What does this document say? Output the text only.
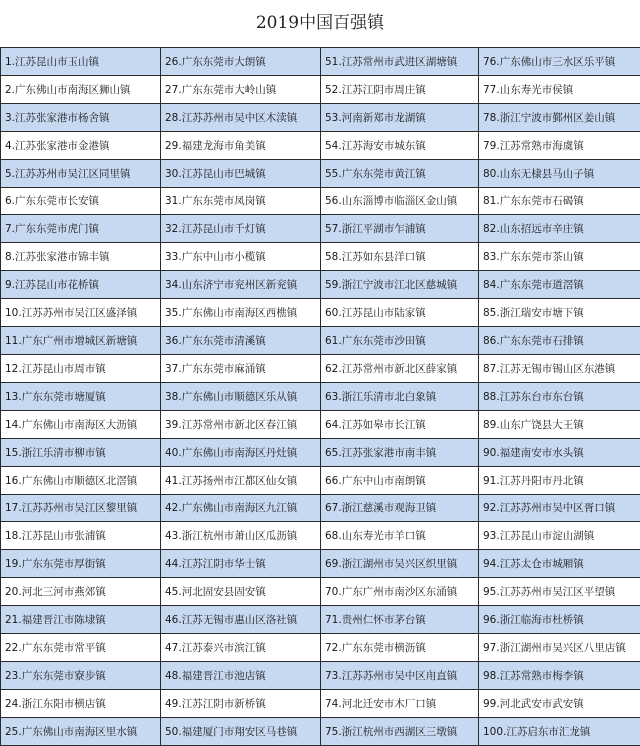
2019中国百强镇
1.江苏昆山市玉山镇	26.广东东莞市大朗镇	51.江苏常州市武进区湖塘镇	76.广东佛山市三水区乐平镇
2.广东佛山市南海区狮山镇	27.广东东莞市大岭山镇	52.江苏江阴市周庄镇	77.山东寿光市侯镇
3.江苏张家港市杨舍镇	28.江苏苏州市吴中区木渎镇	53.河南新郑市龙湖镇	78.浙江宁波市鄞州区姜山镇
4.江苏张家港市金港镇	29.福建龙海市角美镇	54.江苏海安市城东镇	79.江苏常熟市海虞镇
5.江苏苏州市吴江区同里镇	30.江苏昆山市巴城镇	55.广东东莞市黄江镇	80.山东无棣县马山子镇
6.广东东莞市长安镇	31.广东东莞市凤岗镇	56.山东淄博市临淄区金山镇	81.广东东莞市石碣镇
7.广东东莞市虎门镇	32.江苏昆山市千灯镇	57.浙江平湖市乍浦镇	82.山东招远市辛庄镇
8.江苏张家港市锦丰镇	33.广东中山市小榄镇	58.江苏如东县洋口镇	83.广东东莞市茶山镇
9.江苏昆山市花桥镇	34.山东济宁市兖州区新兖镇	59.浙江宁波市江北区慈城镇	84.广东东莞市道滘镇
10.江苏苏州市吴江区盛泽镇	35.广东佛山市南海区西樵镇	60.江苏昆山市陆家镇	85.浙江瑞安市塘下镇
11.广东广州市增城区新塘镇	36.广东东莞市清溪镇	61.广东东莞市沙田镇	86.广东东莞市石排镇
12.江苏昆山市周市镇	37.广东东莞市麻涌镇	62.江苏常州市新北区薛家镇	87.江苏无锡市锡山区东港镇
13.广东东莞市塘厦镇	38.广东佛山市顺德区乐从镇	63.浙江乐清市北白象镇	88.江苏东台市东台镇
14.广东佛山市南海区大沥镇	39.江苏常州市新北区春江镇	64.江苏如皋市长江镇	89.山东广饶县大王镇
15.浙江乐清市柳市镇	40.广东佛山市南海区丹灶镇	65.江苏张家港市南丰镇	90.福建南安市水头镇
16.广东佛山市顺德区北滘镇	41.江苏扬州市江都区仙女镇	66.广东中山市南朗镇	91.江苏丹阳市丹北镇
17.江苏苏州市吴江区黎里镇	42.广东佛山市南海区九江镇	67.浙江慈溪市观海卫镇	92.江苏苏州市吴中区胥口镇
18.江苏昆山市张浦镇	43.浙江杭州市萧山区瓜沥镇	68.山东寿光市羊口镇	93.江苏昆山市淀山湖镇
19.广东东莞市厚街镇	44.江苏江阴市华士镇	69.浙江湖州市吴兴区织里镇	94.江苏太仓市城厢镇
20.河北三河市燕郊镇	45.河北固安县固安镇	70.广东广州市南沙区东涌镇	95.江苏苏州市吴江区平望镇
21.福建晋江市陈埭镇	46.江苏无锡市惠山区洛社镇	71.贵州仁怀市茅台镇	96.浙江临海市杜桥镇
22.广东东莞市常平镇	47.江苏泰兴市滨江镇	72.广东东莞市横沥镇	97.浙江湖州市吴兴区八里店镇
23.广东东莞市寮步镇	48.福建晋江市池店镇	73.江苏苏州市吴中区甪直镇	98.江苏常熟市梅李镇
24.浙江东阳市横店镇	49.江苏江阴市新桥镇	74.河北迁安市木厂口镇	99.河北武安市武安镇
25.广东佛山市南海区里水镇	50.福建厦门市翔安区马巷镇	75.浙江杭州市西湖区三墩镇	100.江苏启东市汇龙镇
